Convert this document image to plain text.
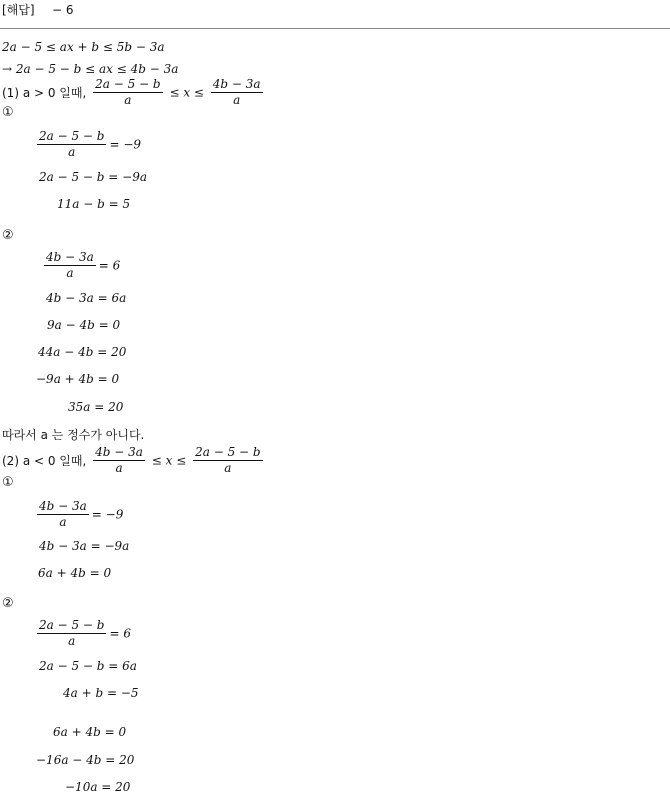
[해답] − 6
2a − 5 ≤ ax + b ≤ 5b − 3a
→ 2a − 5 − b ≤ ax ≤ 4b − 3a
(1) a > 0 일때, $\frac{2a - 5 - b}{a} \le x \le \frac{4b - 3a}{a}$
①
$\frac{2a - 5 - b}{a} = -9$
2a − 5 − b = −9a
11a − b = 5
②
$\frac{4b - 3a}{a} = 6$
4b − 3a = 6a
9a − 4b = 0
44a − 4b = 20
−9a + 4b = 0
35a = 20
따라서 a 는 정수가 아니다.
(2) a < 0 일때, $\frac{4b - 3a}{a} \le x \le \frac{2a - 5 - b}{a}$
①
$\frac{4b - 3a}{a} = -9$
4b − 3a = −9a
6a + 4b = 0
②
$\frac{2a - 5 - b}{a} = 6$
2a − 5 − b = 6a
4a + b = −5
6a + 4b = 0
−16a − 4b = 20
−10a = 20
